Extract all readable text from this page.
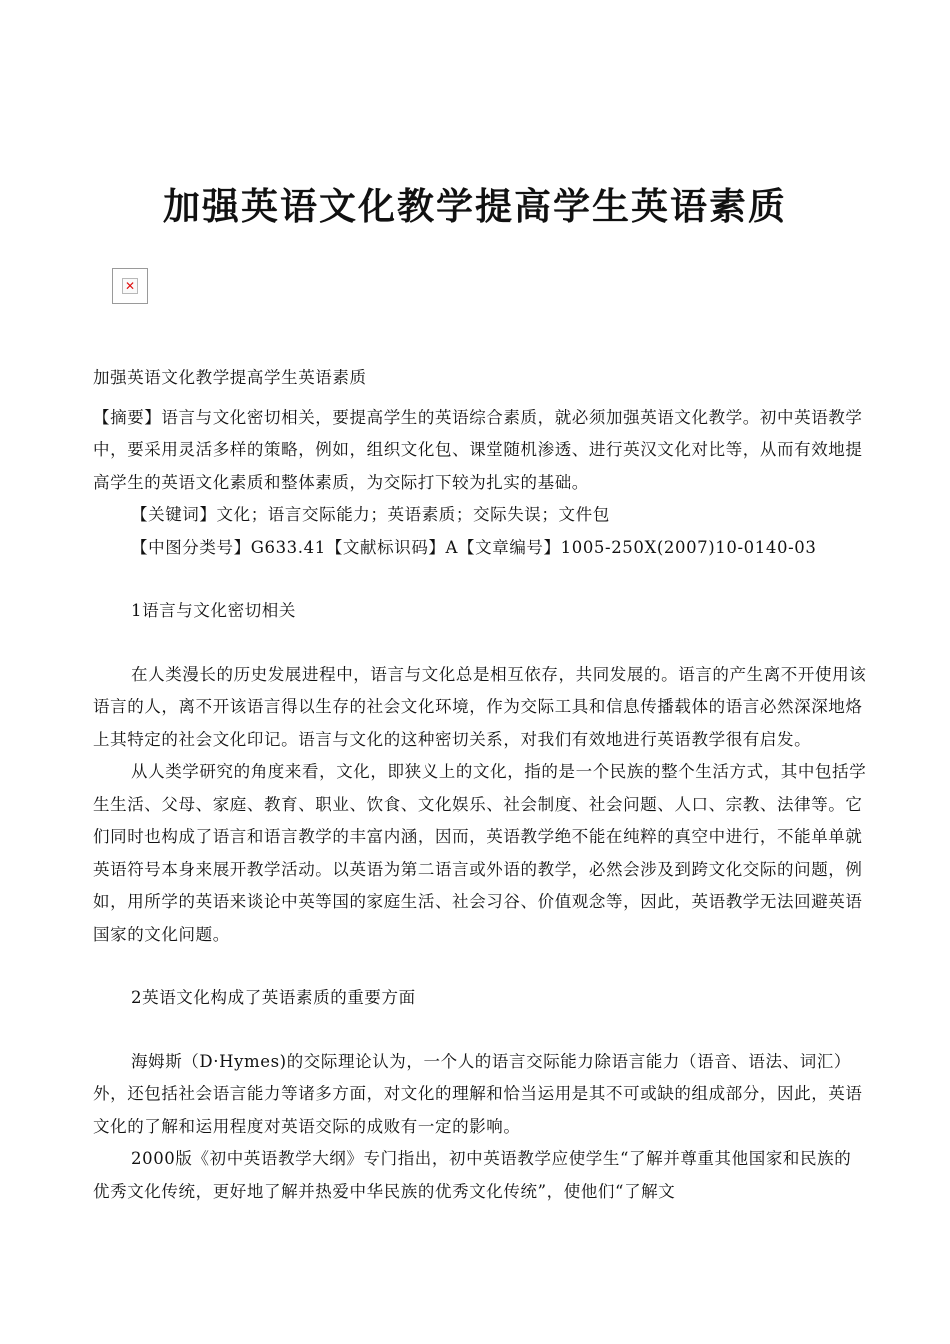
加强英语文化教学提高学生英语素质
✕

加强英语文化教学提高学生英语素质

【摘要】语言与文化密切相关，要提高学生的英语综合素质，就必须加强英语文化教学。初中英语教学中，要采用灵活多样的策略，例如，组织文化包、课堂随机渗透、进行英汉文化对比等，从而有效地提高学生的英语文化素质和整体素质，为交际打下较为扎实的基础。

【关键词】文化；语言交际能力；英语素质；交际失误；文件包

【中图分类号】G633.41【文献标识码】A【文章编号】1005-250X(2007)10-0140-03

1语言与文化密切相关

在人类漫长的历史发展进程中，语言与文化总是相互依存，共同发展的。语言的产生离不开使用该语言的人，离不开该语言得以生存的社会文化环境，作为交际工具和信息传播载体的语言必然深深地烙上其特定的社会文化印记。语言与文化的这种密切关系，对我们有效地进行英语教学很有启发。

从人类学研究的角度来看，文化，即狭义上的文化，指的是一个民族的整个生活方式，其中包括学生生活、父母、家庭、教育、职业、饮食、文化娱乐、社会制度、社会问题、人口、宗教、法律等。它们同时也构成了语言和语言教学的丰富内涵，因而，英语教学绝不能在纯粹的真空中进行，不能单单就英语符号本身来展开教学活动。以英语为第二语言或外语的教学，必然会涉及到跨文化交际的问题，例如，用所学的英语来谈论中英等国的家庭生活、社会习谷、价值观念等，因此，英语教学无法回避英语国家的文化问题。

2英语文化构成了英语素质的重要方面

海姆斯（D·Hymes)的交际理论认为，一个人的语言交际能力除语言能力（语音、语法、词汇）外，还包括社会语言能力等诸多方面，对文化的理解和恰当运用是其不可或缺的组成部分，因此，英语文化的了解和运用程度对英语交际的成败有一定的影响。

2000版《初中英语教学大纲》专门指出，初中英语教学应使学生“了解并尊重其他国家和民族的优秀文化传统，更好地了解并热爱中华民族的优秀文化传统”，使他们“了解文
